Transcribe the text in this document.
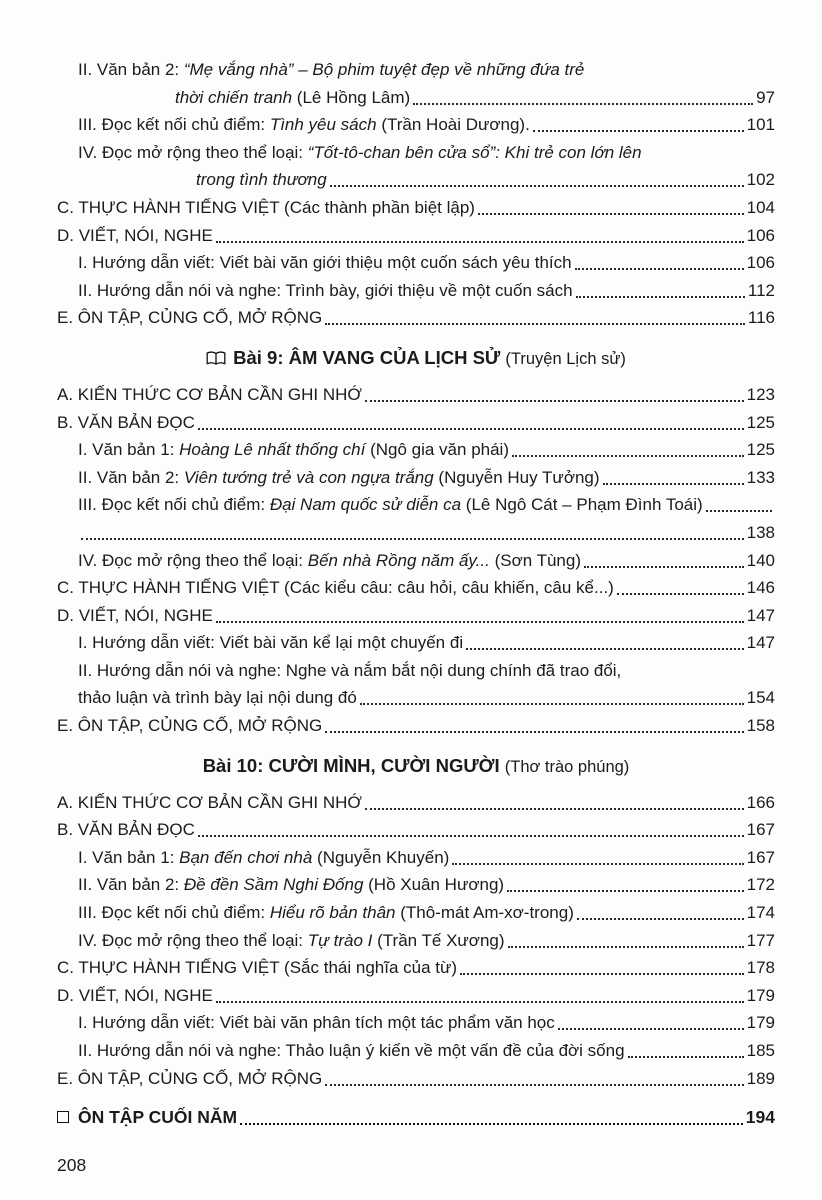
II. Văn bản 2: “Mẹ vắng nhà” – Bộ phim tuyệt đẹp về những đứa trẻ
thời chiến tranh (Lê Hồng Lâm)	97
III. Đọc kết nối chủ điểm: Tình yêu sách (Trần Hoài Dương).	101
IV. Đọc mở rộng theo thể loại: “Tốt-tô-chan bên cửa sổ”: Khi trẻ con lớn lên
trong tình thương	102
C. THỰC HÀNH TIẾNG VIỆT (Các thành phần biệt lập)	104
D. VIẾT, NÓI, NGHE	106
I. Hướng dẫn viết: Viết bài văn giới thiệu một cuốn sách yêu thích	106
II. Hướng dẫn nói và nghe: Trình bày, giới thiệu về một cuốn sách	112
E. ÔN TẬP, CỦNG CỐ, MỞ RỘNG	116
Bài 9: ÂM VANG CỦA LỊCH SỬ (Truyện Lịch sử)
A. KIẾN THỨC CƠ BẢN CẦN GHI NHỚ	123
B. VĂN BẢN ĐỌC	125
I. Văn bản 1: Hoàng Lê nhất thống chí (Ngô gia văn phái)	125
II. Văn bản 2: Viên tướng trẻ và con ngựa trắng (Nguyễn Huy Tưởng)	133
III. Đọc kết nối chủ điểm: Đại Nam quốc sử diễn ca (Lê Ngô Cát – Phạm Đình Toái)
138
IV. Đọc mở rộng theo thể loại: Bến nhà Rồng năm ấy... (Sơn Tùng)	140
C. THỰC HÀNH TIẾNG VIỆT (Các kiểu câu: câu hỏi, câu khiến, câu kể...)	146
D. VIẾT, NÓI, NGHE	147
I. Hướng dẫn viết: Viết bài văn kể lại một chuyến đi	147
II. Hướng dẫn nói và nghe: Nghe và nắm bắt nội dung chính đã trao đổi,
thảo luận và trình bày lại nội dung đó	154
E. ÔN TẬP, CỦNG CỐ, MỞ RỘNG	158
Bài 10: CƯỜI MÌNH, CƯỜI NGƯỜI (Thơ trào phúng)
A. KIẾN THỨC CƠ BẢN CẦN GHI NHỚ	166
B. VĂN BẢN ĐỌC	167
I. Văn bản 1: Bạn đến chơi nhà (Nguyễn Khuyến)	167
II. Văn bản 2: Đề đền Sầm Nghi Đống (Hồ Xuân Hương)	172
III. Đọc kết nối chủ điểm: Hiểu rõ bản thân (Thô-mát Am-xơ-trong)	174
IV. Đọc mở rộng theo thể loại: Tự trào I (Trần Tế Xương)	177
C. THỰC HÀNH TIẾNG VIỆT (Sắc thái nghĩa của từ)	178
D. VIẾT, NÓI, NGHE	179
I. Hướng dẫn viết: Viết bài văn phân tích một tác phẩm văn học	179
II. Hướng dẫn nói và nghe: Thảo luận ý kiến về một vấn đề của đời sống	185
E. ÔN TẬP, CỦNG CỐ, MỞ RỘNG	189
ÔN TẬP CUỐI NĂM	194
208
